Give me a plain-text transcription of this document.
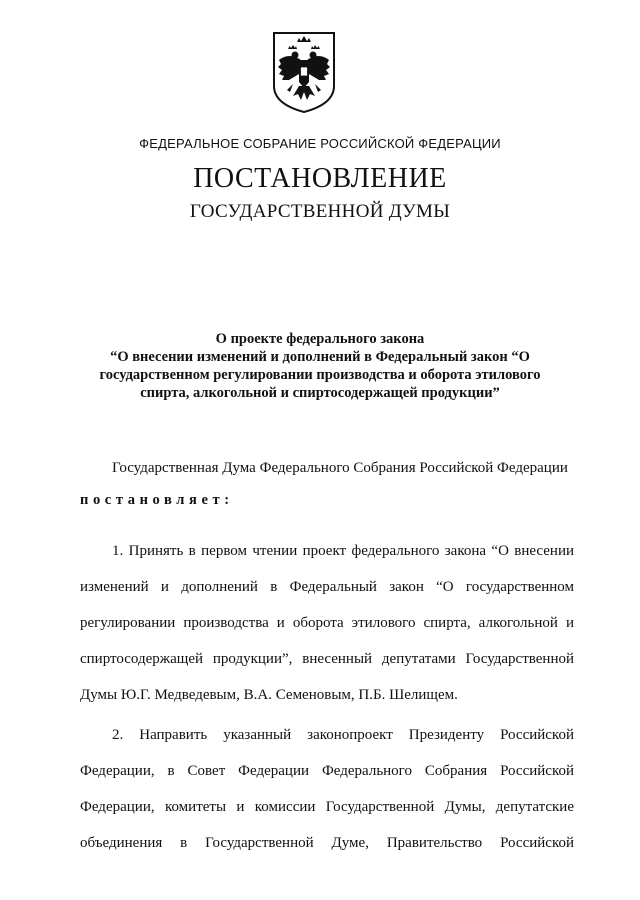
ФЕДЕРАЛЬНОЕ СОБРАНИЕ РОССИЙСКОЙ ФЕДЕРАЦИИ
ПОСТАНОВЛЕНИЕ
ГОСУДАРСТВЕННОЙ ДУМЫ
О проекте федерального закона
“О внесении изменений и дополнений в Федеральный закон “О
государственном регулировании производства и оборота этилового
спирта, алкогольной и спиртосодержащей продукции”
Государственная Дума Федерального Собрания Российской Федерации
постановляет:
1. Принять в первом чтении проект федерального закона “О внесении
изменений и дополнений в Федеральный закон “О государственном
регулировании производства и оборота этилового спирта, алкогольной и
спиртосодержащей продукции”, внесенный депутатами Государственной
Думы Ю.Г. Медведевым, В.А. Семеновым, П.Б. Шелищем.
2. Направить указанный законопроект Президенту Российской
Федерации, в Совет Федерации Федерального Собрания Российской
Федерации, комитеты и комиссии Государственной Думы, депутатские
объединения в Государственной Думе, Правительство Российской
